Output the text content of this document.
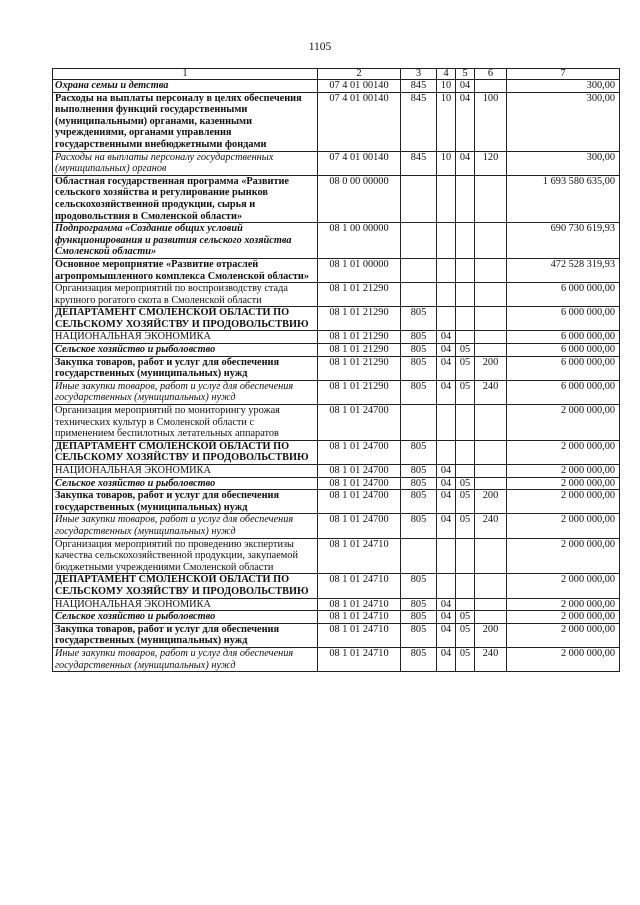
1105
1	2	3	4	5	6	7
Охрана семьи и детства	07 4 01 00140	845	10	04		300,00
Расходы на выплаты персоналу в целях обеспечения выполнения функций государственными (муниципальными) органами, казенными учреждениями, органами управления государственными внебюджетными фондами	07 4 01 00140	845	10	04	100	300,00
Расходы на выплаты персоналу государственных (муниципальных) органов	07 4 01 00140	845	10	04	120	300,00
Областная государственная программа «Развитие сельского хозяйства и регулирование рынков сельскохозяйственной продукции, сырья и продовольствия в Смоленской области»	08 0 00 00000					1 693 580 635,00
Подпрограмма «Создание общих условий функционирования и развития сельского хозяйства Смоленской области»	08 1 00 00000					690 730 619,93
Основное мероприятие «Развитие отраслей агропромышленного комплекса Смоленской области»	08 1 01 00000					472 528 319,93
Организация мероприятий по воспроизводству стада крупного рогатого скота в Смоленской области	08 1 01 21290					6 000 000,00
ДЕПАРТАМЕНТ СМОЛЕНСКОЙ ОБЛАСТИ ПО СЕЛЬСКОМУ ХОЗЯЙСТВУ И ПРОДОВОЛЬСТВИЮ	08 1 01 21290	805				6 000 000,00
НАЦИОНАЛЬНАЯ ЭКОНОМИКА	08 1 01 21290	805	04			6 000 000,00
Сельское хозяйство и рыболовство	08 1 01 21290	805	04	05		6 000 000,00
Закупка товаров, работ и услуг для обеспечения государственных (муниципальных) нужд	08 1 01 21290	805	04	05	200	6 000 000,00
Иные закупки товаров, работ и услуг для обеспечения государственных (муниципальных) нужд	08 1 01 21290	805	04	05	240	6 000 000,00
Организация мероприятий по мониторингу урожая технических культур в Смоленской области с применением беспилотных летательных аппаратов	08 1 01 24700					2 000 000,00
ДЕПАРТАМЕНТ СМОЛЕНСКОЙ ОБЛАСТИ ПО СЕЛЬСКОМУ ХОЗЯЙСТВУ И ПРОДОВОЛЬСТВИЮ	08 1 01 24700	805				2 000 000,00
НАЦИОНАЛЬНАЯ ЭКОНОМИКА	08 1 01 24700	805	04			2 000 000,00
Сельское хозяйство и рыболовство	08 1 01 24700	805	04	05		2 000 000,00
Закупка товаров, работ и услуг для обеспечения государственных (муниципальных) нужд	08 1 01 24700	805	04	05	200	2 000 000,00
Иные закупки товаров, работ и услуг для обеспечения государственных (муниципальных) нужд	08 1 01 24700	805	04	05	240	2 000 000,00
Организация мероприятий по проведению экспертизы качества сельскохозяйственной продукции, закупаемой бюджетными учреждениями Смоленской области	08 1 01 24710					2 000 000,00
ДЕПАРТАМЕНТ СМОЛЕНСКОЙ ОБЛАСТИ ПО СЕЛЬСКОМУ ХОЗЯЙСТВУ И ПРОДОВОЛЬСТВИЮ	08 1 01 24710	805				2 000 000,00
НАЦИОНАЛЬНАЯ ЭКОНОМИКА	08 1 01 24710	805	04			2 000 000,00
Сельское хозяйство и рыболовство	08 1 01 24710	805	04	05		2 000 000,00
Закупка товаров, работ и услуг для обеспечения государственных (муниципальных) нужд	08 1 01 24710	805	04	05	200	2 000 000,00
Иные закупки товаров, работ и услуг для обеспечения государственных (муниципальных) нужд	08 1 01 24710	805	04	05	240	2 000 000,00
